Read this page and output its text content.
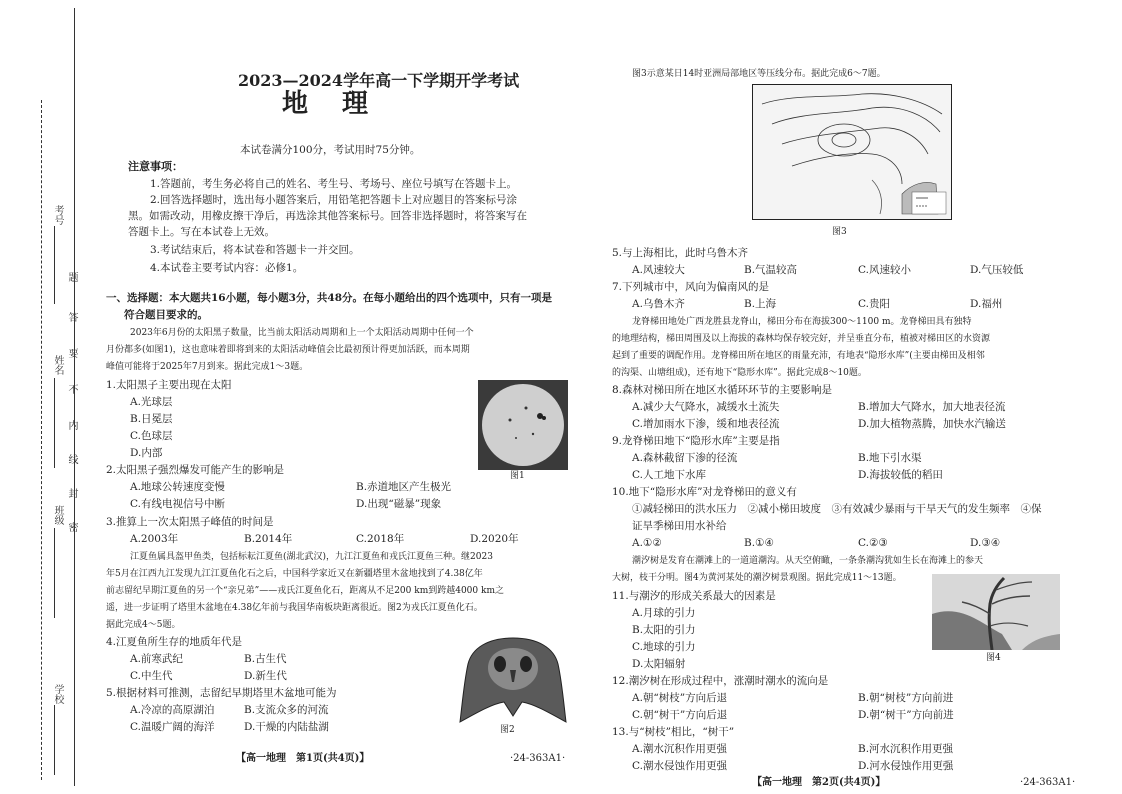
考号
姓名
班级
学校
题
答
要
不
内
线
封
密
2023—2024学年高一下学期开学考试
地理
本试卷满分100分，考试用时75分钟。
注意事项：
1.答题前，考生务必将自己的姓名、考生号、考场号、座位号填写在答题卡上。
2.回答选择题时，选出每小题答案后，用铅笔把答题卡上对应题目的答案标号涂
黑。如需改动，用橡皮擦干净后，再选涂其他答案标号。回答非选择题时，将答案写在
答题卡上。写在本试卷上无效。
3.考试结束后，将本试卷和答题卡一并交回。
4.本试卷主要考试内容：必修1。
一、选择题：本大题共16小题，每小题3分，共48分。在每小题给出的四个选项中，只有一项是
符合题目要求的。
2023年6月份的太阳黑子数量，比当前太阳活动周期和上一个太阳活动周期中任何一个
月份都多(如图1)，这也意味着即将到来的太阳活动峰值会比最初预计得更加活跃，而本周期
峰值可能将于2025年7月到来。据此完成1～3题。
1.太阳黑子主要出现在太阳
A.光球层
B.日冕层
C.色球层
D.内部
图1
2.太阳黑子强烈爆发可能产生的影响是
A.地球公转速度变慢	B.赤道地区产生极光
C.有线电视信号中断	D.出现“磁暴”现象
3.推算上一次太阳黑子峰值的时间是
A.2003年	B.2014年	C.2018年	D.2020年
江夏鱼属具盔甲鱼类，包括标耘江夏鱼(湖北武汉)，九江江夏鱼和戎氏江夏鱼三种。继2023
年5月在江西九江发现九江江夏鱼化石之后，中国科学家近又在新疆塔里木盆地找到了4.38亿年
前志留纪早期江夏鱼的另一个“亲兄弟”——戎氏江夏鱼化石，距离从不足200 km到跨越4000 km之
遥，进一步证明了塔里木盆地在4.38亿年前与我国华南板块距离很近。图2为戎氏江夏鱼化石。
据此完成4～5题。
4.江夏鱼所生存的地质年代是
A.前寒武纪	B.古生代
C.中生代	D.新生代
5.根据材料可推测，志留纪早期塔里木盆地可能为
A.冷凉的高原湖泊	B.支流众多的河流
C.温暖广阔的海洋	D.干燥的内陆盐湖	图2
【高一地理　第1页(共4页)】	·24-363A1·
图3示意某日14时亚洲局部地区等压线分布。据此完成6～7题。
图3
5.与上海相比，此时乌鲁木齐
A.风速较大	B.气温较高	C.风速较小	D.气压较低
7.下列城市中，风向为偏南风的是
A.乌鲁木齐	B.上海	C.贵阳	D.福州
龙脊梯田地处广西龙胜县龙脊山，梯田分布在海拔300～1100 m。龙脊梯田具有独特
的地理结构，梯田周围及以上海拔的森林均保存较完好，并呈垂直分布，植被对梯田区的水资源
起到了重要的调配作用。龙脊梯田所在地区的雨量充沛，有地表“隐形水库”(主要由梯田及相邻
的沟渠、山塘组成)，还有地下“隐形水库”。据此完成8～10题。
8.森林对梯田所在地区水循环环节的主要影响是
A.减少大气降水，减缓水土流失	B.增加大气降水，加大地表径流
C.增加雨水下渗，缓和地表径流	D.加大植物蒸腾，加快水汽输送
9.龙脊梯田地下“隐形水库”主要是指
A.森林截留下渗的径流	B.地下引水渠
C.人工地下水库	D.海拔较低的稻田
10.地下“隐形水库”对龙脊梯田的意义有
①减轻梯田的洪水压力　②减小梯田坡度　③有效减少暴雨与干旱天气的发生频率　④保
证旱季梯田用水补给
A.①②	B.①④	C.②③	D.③④
潮汐树是发育在潮滩上的一道道潮沟。从天空俯瞰，一条条潮沟犹如生长在海滩上的参天
大树，枝干分明。图4为黄河某处的潮汐树景观图。据此完成11～13题。
11.与潮汐的形成关系最大的因素是
A.月球的引力
B.太阳的引力
C.地球的引力
D.太阳辐射	图4
12.潮汐树在形成过程中，涨潮时潮水的流向是
A.朝“树枝”方向后退	B.朝“树枝”方向前进
C.朝“树干”方向后退	D.朝“树干”方向前进
13.与“树枝”相比，“树干”
A.潮水沉积作用更强	B.河水沉积作用更强
C.潮水侵蚀作用更强	D.河水侵蚀作用更强
【高一地理　第2页(共4页)】	·24-363A1·
